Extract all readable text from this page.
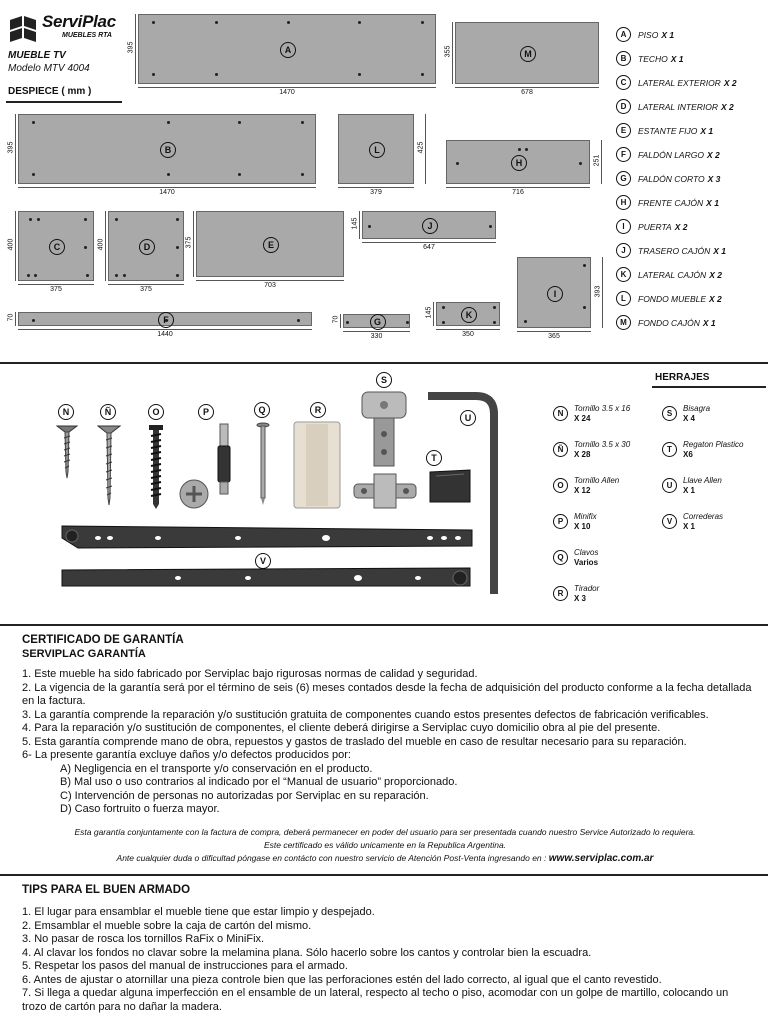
ServiPlac
MUEBLES RTA
MUEBLE TV
Modelo MTV 4004
DESPIECE ( mm )
A
1470
395
M
678
355
B
1470
395	L
379
425
H
716
251
C
375
400	D
375
400	E
703
375
J
647
145
I
365
393
F
1440
70	G
330
70	K
350
145
A	PISO X 1
B	TECHO X 1
C	LATERAL EXTERIOR X 2
D	LATERAL INTERIOR X 2
E	ESTANTE FIJO X 1
F	FALDÓN LARGO X 2
G	FALDÓN CORTO X 3
H	FRENTE CAJÓN X 1
I	PUERTA X 2
J	TRASERO CAJÓN X 1
K	LATERAL CAJÓN X 2
L	FONDO MUEBLE X 2
M	FONDO CAJÓN X 1
N	Ñ	O	P	Q	R
S
T
U
V
HERRAJES
N
Tornillo 3.5 x 16
X 24
Ñ
Tornillo 3.5 x 30
X 28
O
Tornillo Allen
X 12
P
Minifix
X 10
Q
Clavos
Varios
R
Tirador
X 3
S
Bisagra
X 4
T
Regaton Plastico
X6
U
Llave Allen
X 1
V
Correderas
X 1
CERTIFICADO DE GARANTÍA
SERVIPLAC GARANTÍA
1. Este mueble ha sido fabricado por Serviplac bajo rigurosas normas de calidad y seguridad.
2. La vigencia de la garantía será por el término de seis (6) meses contados desde la fecha de adquisición del producto conforme a la fecha detallada en la factura.
3. La garantía comprende la reparación y/o sustitución gratuita de componentes cuando estos presentes defectos de fabricación verificables.
4. Para la reparación y/o sustitución de componentes, el cliente deberá dirigirse a Serviplac cuyo domicilio obra al pie del presente.
5. Esta garantía comprende mano de obra, repuestos y gastos de traslado del mueble en caso de resultar necesario para su reparación.
6- La presente garantía excluye daños y/o defectos producidos por:
A) Negligencia en el transporte y/o conservación en el producto.
B) Mal uso o uso contrarios al indicado por el “Manual de usuario” proporcionado.
C) Intervención de personas no autorizadas por Serviplac en su reparación.
D) Caso fortruito o fuerza mayor.
Esta garantía conjuntamente con la factura de compra, deberá permanecer en poder del usuario para ser presentada cuando nuestro Service Autorizado lo requiera.
Este certificado es válido unicamente en la Republica Argentina.
Ante cualquier duda o dificultad póngase en contácto con nuestro servicio de Atención Post-Venta ingresando en : www.serviplac.com.ar
TIPS PARA EL BUEN ARMADO
1. El lugar para ensamblar el mueble tiene que estar limpio y despejado.
2. Emsamblar el mueble sobre la caja de cartón del mismo.
3. No pasar de rosca los tornillos RaFix o MiniFix.
4. Al clavar los fondos no clavar sobre la melamina plana. Sólo hacerlo sobre los cantos y controlar bien la escuadra.
5. Respetar los pasos del manual de instrucciones para el armado.
6. Antes de ajustar o atornillar una pieza controle bien que las perforaciones estén del lado correcto, al igual que el canto revestido.
7. Si llega a quedar alguna imperfección en el ensamble de un lateral, respecto al techo o piso, acomodar con un golpe de martillo, colocando un trozo de cartón para no dañar la madera.
